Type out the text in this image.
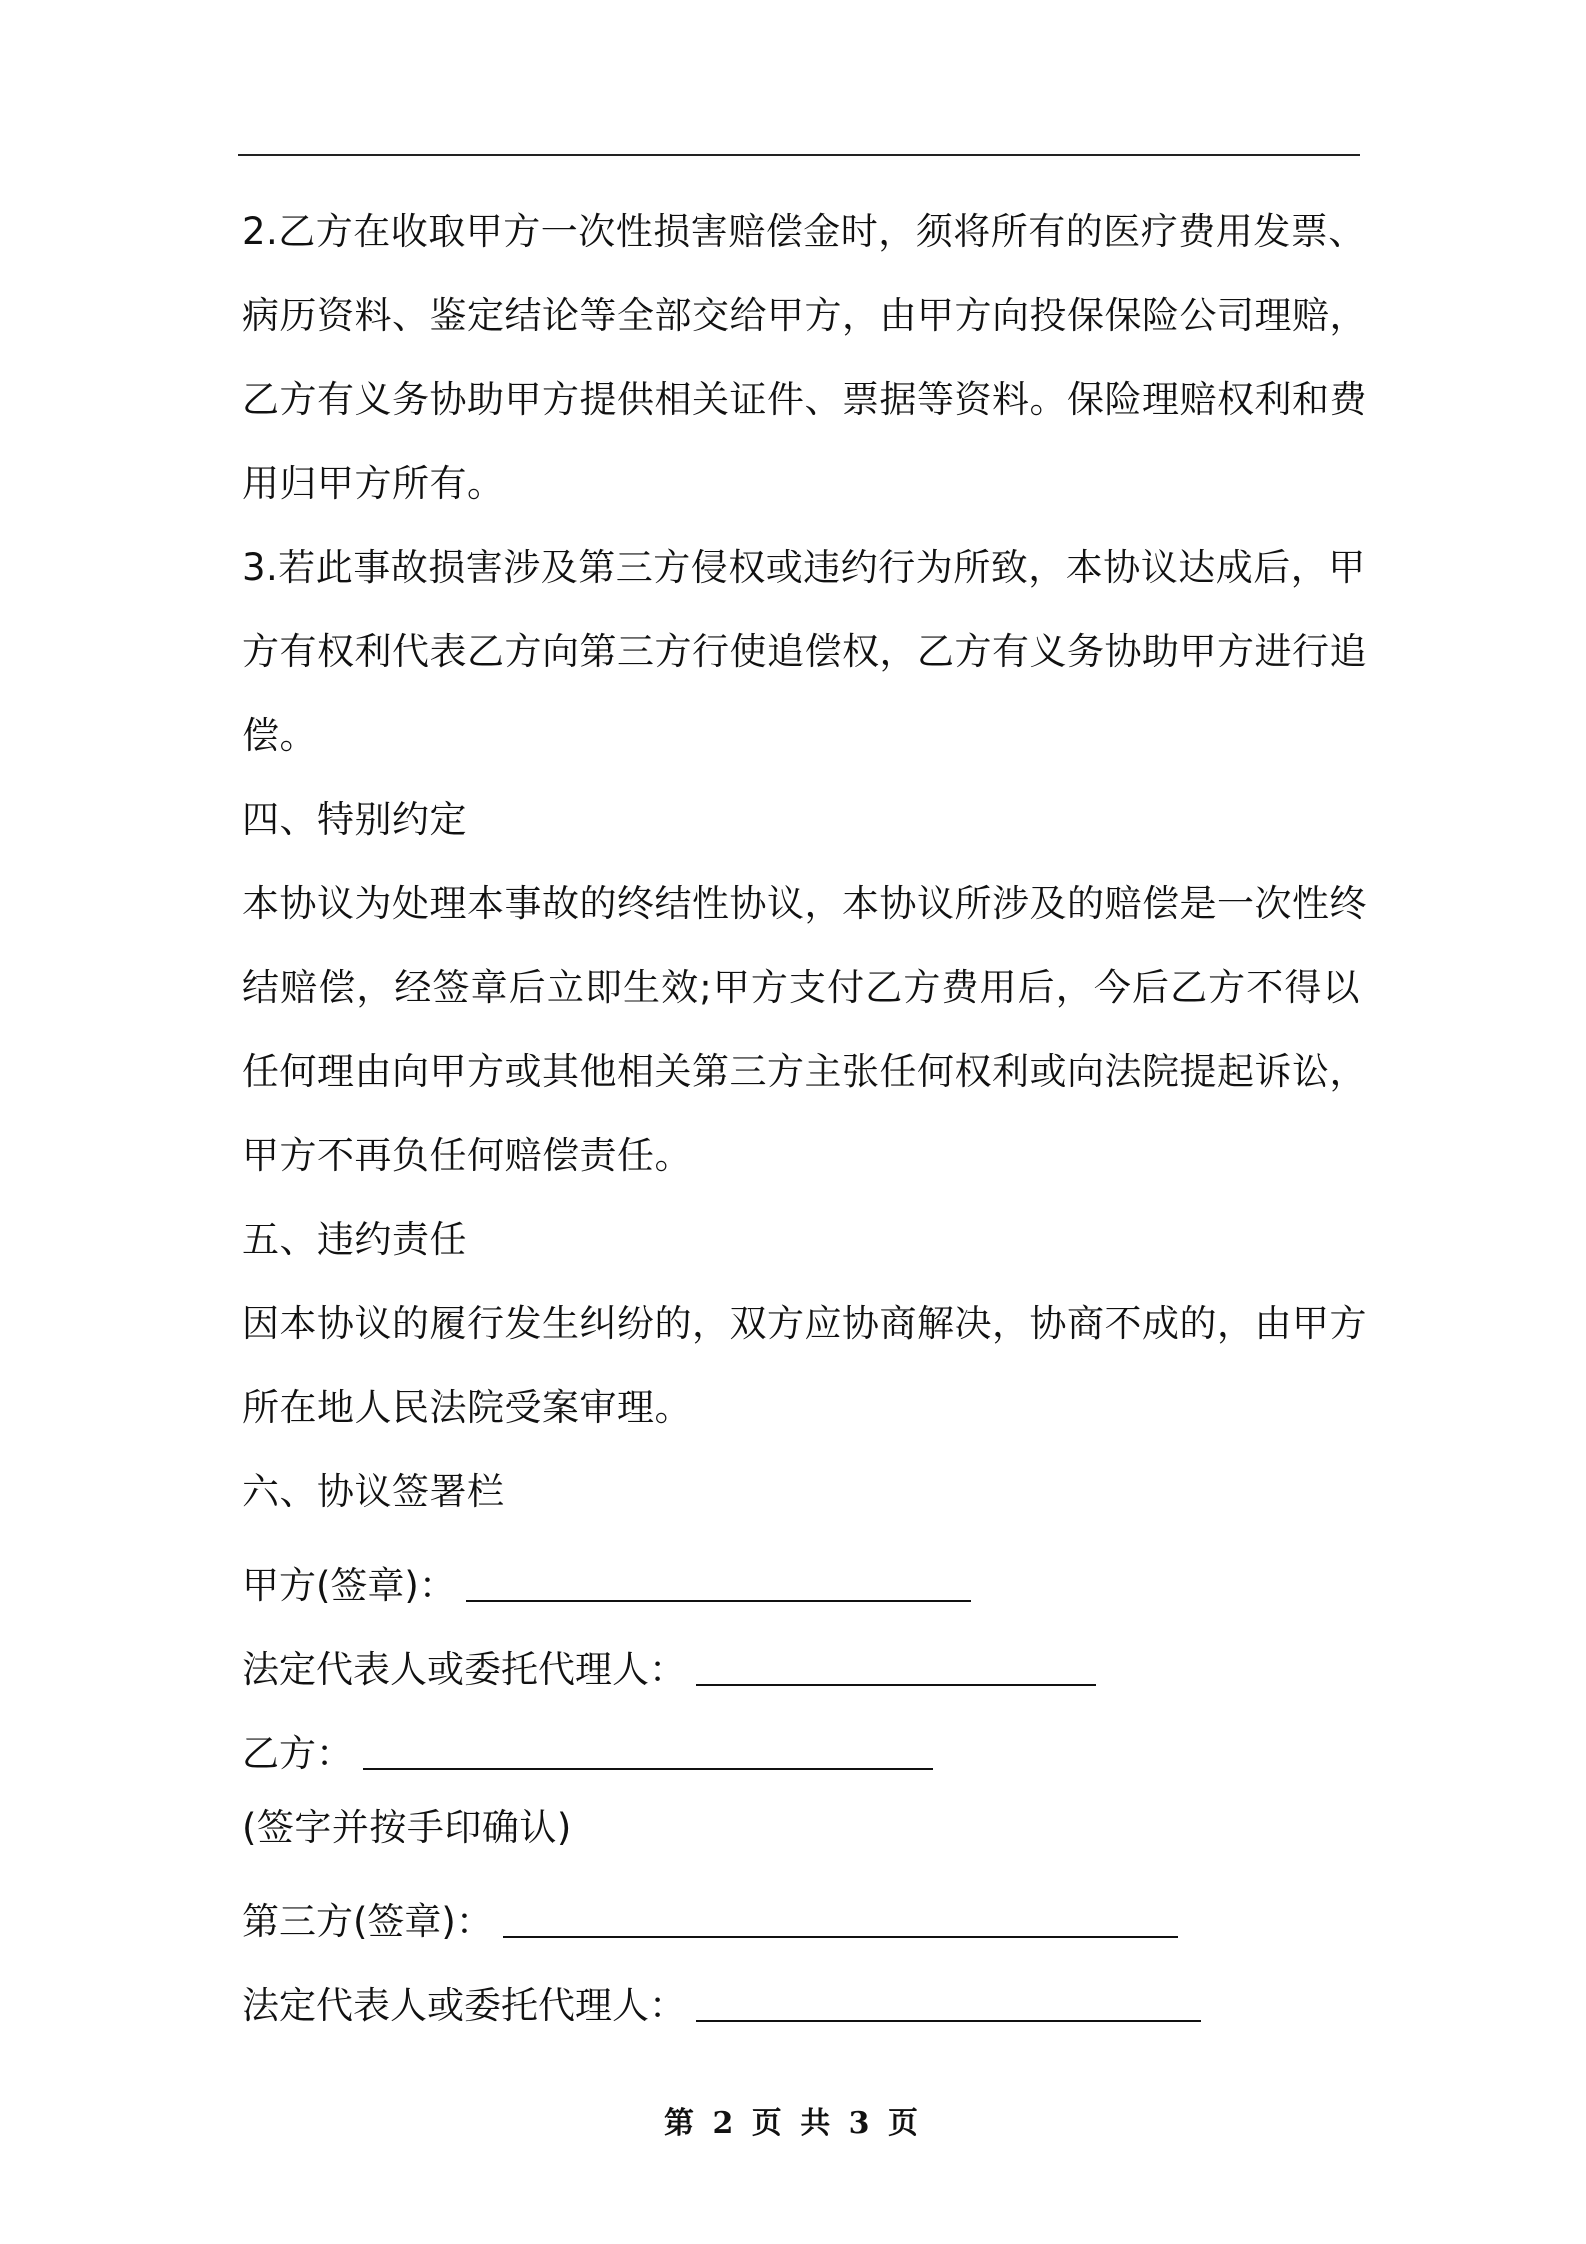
2.乙方在收取甲方一次性损害赔偿金时，须将所有的医疗费用发票、
病历资料、鉴定结论等全部交给甲方，由甲方向投保保险公司理赔，
乙方有义务协助甲方提供相关证件、票据等资料。保险理赔权利和费
用归甲方所有。
3.若此事故损害涉及第三方侵权或违约行为所致，本协议达成后，甲
方有权利代表乙方向第三方行使追偿权，乙方有义务协助甲方进行追
偿。
四、特别约定
本协议为处理本事故的终结性协议，本协议所涉及的赔偿是一次性终
结赔偿，经签章后立即生效;甲方支付乙方费用后，今后乙方不得以
任何理由向甲方或其他相关第三方主张任何权利或向法院提起诉讼，
甲方不再负任何赔偿责任。
五、违约责任
因本协议的履行发生纠纷的，双方应协商解决，协商不成的，由甲方
所在地人民法院受案审理。
六、协议签署栏
甲方(签章)：
法定代表人或委托代理人：
乙方：
(签字并按手印确认)
第三方(签章)：
法定代表人或委托代理人：
第 2 页 共 3 页
